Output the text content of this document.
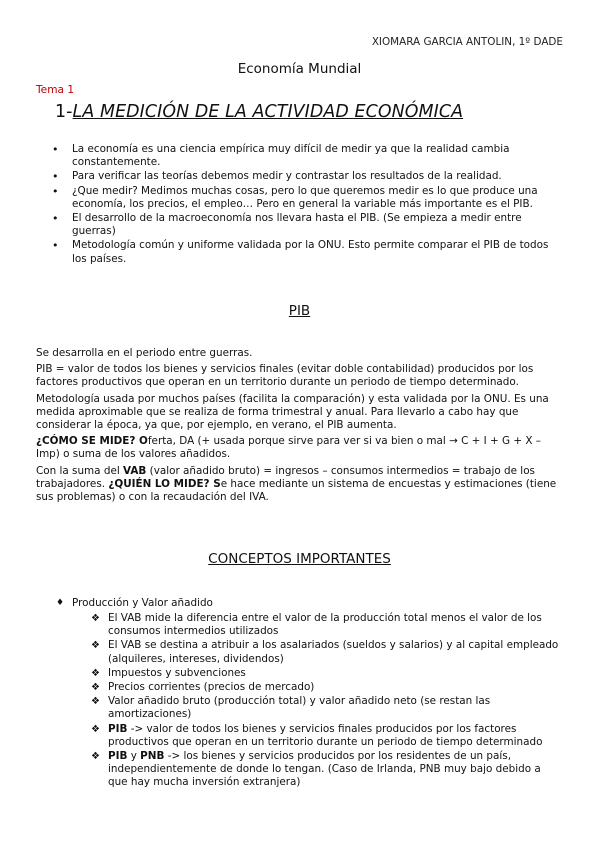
XIOMARA GARCIA ANTOLIN, 1º DADE
Economía Mundial
Tema 1
1-LA MEDICIÓN DE LA ACTIVIDAD ECONÓMICA
• La economía es una ciencia empírica muy difícil de medir ya que la realidad cambia constantemente.
• Para verificar las teorías debemos medir y contrastar los resultados de la realidad.
• ¿Que medir? Medimos muchas cosas, pero lo que queremos medir es lo que produce una economía, los precios, el empleo… Pero en general la variable más importante es el PIB.
• El desarrollo de la macroeconomía nos llevara hasta el PIB. (Se empieza a medir entre guerras)
• Metodología común y uniforme validada por la ONU. Esto permite comparar el PIB de todos los países.
PIB

Se desarrolla en el periodo entre guerras.

PIB = valor de todos los bienes y servicios finales (evitar doble contabilidad) producidos por los factores productivos que operan en un territorio durante un periodo de tiempo determinado.

Metodología usada por muchos países (facilita la comparación) y esta validada por la ONU. Es una medida aproximable que se realiza de forma trimestral y anual. Para llevarlo a cabo hay que considerar la época, ya que, por ejemplo, en verano, el PIB aumenta.

¿CÓMO SE MIDE? Oferta, DA (+ usada porque sirve para ver si va bien o mal → C + I + G + X – Imp) o suma de los valores añadidos.

Con la suma del VAB (valor añadido bruto) = ingresos – consumos intermedios = trabajo de los trabajadores. ¿QUIÉN LO MIDE? Se hace mediante un sistema de encuestas y estimaciones (tiene sus problemas) o con la recaudación del IVA.

CONCEPTOS IMPORTANTES
♦ Producción y Valor añadido
❖ El VAB mide la diferencia entre el valor de la producción total menos el valor de los consumos intermedios utilizados
❖ El VAB se destina a atribuir a los asalariados (sueldos y salarios) y al capital empleado (alquileres, intereses, dividendos)
❖ Impuestos y subvenciones
❖ Precios corrientes (precios de mercado)
❖ Valor añadido bruto (producción total) y valor añadido neto (se restan las amortizaciones)
❖ PIB -> valor de todos los bienes y servicios finales producidos por los factores productivos que operan en un territorio durante un periodo de tiempo determinado
❖ PIB y PNB -> los bienes y servicios producidos por los residentes de un país, independientemente de donde lo tengan. (Caso de Irlanda, PNB muy bajo debido a que hay mucha inversión extranjera)
